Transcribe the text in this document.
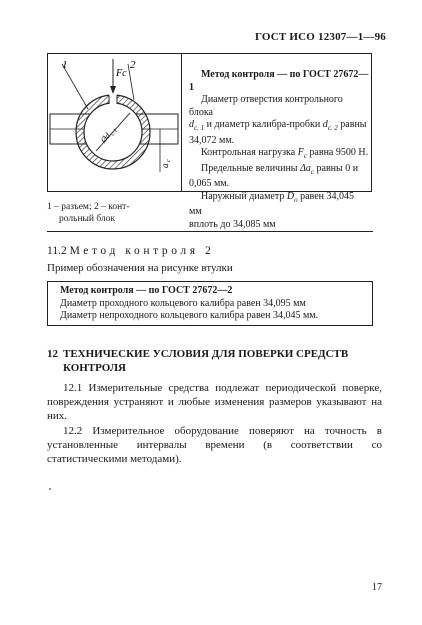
ГОСТ ИСО 12307—1—96
1	2
Fc
Ød
c.1
a
c

Метод контроля — по ГОСТ 27672—1

Диаметр отверстия контрольного блока

$d_{c. 1}$ и диаметр калибра-пробки $d_{c. 2}$ равны

34,072 мм.

Контрольная нагрузка $F_c$ равна 9500 Н.

Предельные величины $\Delta a_c$ равны 0 и

0,065 мм.

Наружный диаметр $D_o$ равен 34,045 мм

вплоть до 34,085 мм

1 – разъем; 2 – конт-
рольный блок
11.2 Метод контроля 2
Пример обозначения на рисунке втулки
Метод контроля — по ГОСТ 27672—2
Диаметр проходного кольцевого калибра равен 34,095 мм
Диаметр непроходного кольцевого калибра равен 34,045 мм.
12 ТЕХНИЧЕСКИЕ УСЛОВИЯ ДЛЯ ПОВЕРКИ СРЕДСТВ
КОНТРОЛЯ
12.1 Измерительные средства подлежат периодической поверке, повреждения устраняют и любые изменения размеров указывают на них.
12.2 Измерительное оборудование поверяют на точность в установленные интервалы времени (в соответствии со статистическими методами).
17
